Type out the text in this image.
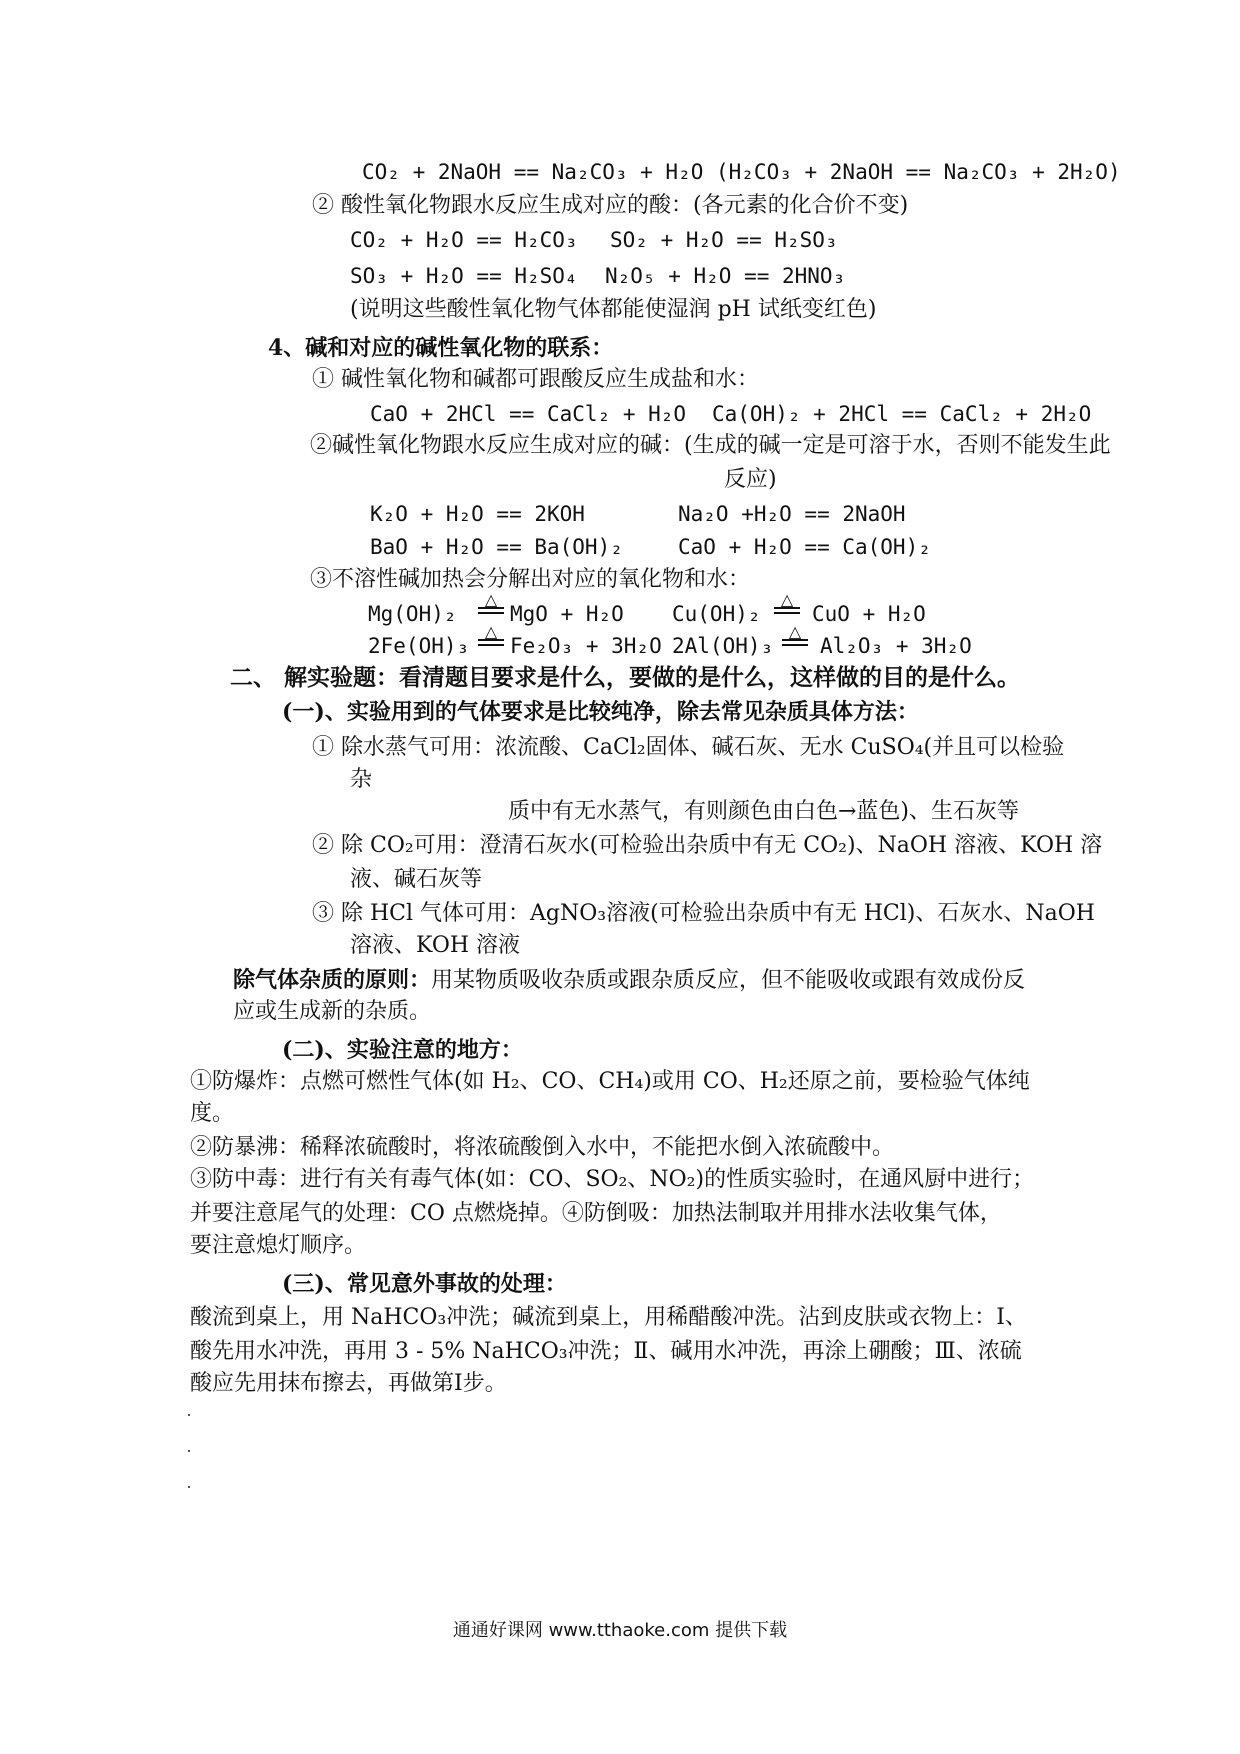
CO₂ + 2NaOH == Na₂CO₃ + H₂O (H₂CO₃ + 2NaOH == Na₂CO₃ + 2H₂O)
② 酸性氧化物跟水反应生成对应的酸：(各元素的化合价不变)
CO₂ + H₂O == H₂CO₃ SO₂ + H₂O == H₂SO₃
SO₃ + H₂O == H₂SO₄ N₂O₅ + H₂O == 2HNO₃
(说明这些酸性氧化物气体都能使湿润 pH 试纸变红色)
4、碱和对应的碱性氧化物的联系：
① 碱性氧化物和碱都可跟酸反应生成盐和水：
CaO + 2HCl == CaCl₂ + H₂O Ca(OH)₂ + 2HCl == CaCl₂ + 2H₂O
②碱性氧化物跟水反应生成对应的碱：(生成的碱一定是可溶于水，否则不能发生此
反应)
K₂O + H₂O == 2KOH	Na₂O +H₂O == 2NaOH
BaO + H₂O == Ba(OH)₂	CaO + H₂O == Ca(OH)₂
③不溶性碱加热会分解出对应的氧化物和水：
Mg(OH)₂
△
MgO + H₂O Cu(OH)₂
△
CuO + H₂O
2Fe(OH)₃
△
Fe₂O₃ + 3H₂O 2Al(OH)₃
△
Al₂O₃ + 3H₂O
二、 解实验题：看清题目要求是什么，要做的是什么，这样做的目的是什么。
(一)、实验用到的气体要求是比较纯净，除去常见杂质具体方法：
① 除水蒸气可用：浓流酸、CaCl₂固体、碱石灰、无水 CuSO₄(并且可以检验
杂
质中有无水蒸气，有则颜色由白色→蓝色)、生石灰等
② 除 CO₂可用：澄清石灰水(可检验出杂质中有无 CO₂)、NaOH 溶液、KOH 溶
液、碱石灰等
③ 除 HCl 气体可用：AgNO₃溶液(可检验出杂质中有无 HCl)、石灰水、NaOH
溶液、KOH 溶液
除气体杂质的原则：用某物质吸收杂质或跟杂质反应，但不能吸收或跟有效成份反
应或生成新的杂质。
(二)、实验注意的地方：
①防爆炸：点燃可燃性气体(如 H₂、CO、CH₄)或用 CO、H₂还原之前，要检验气体纯
度。
②防暴沸：稀释浓硫酸时，将浓硫酸倒入水中，不能把水倒入浓硫酸中。
③防中毒：进行有关有毒气体(如：CO、SO₂、NO₂)的性质实验时，在通风厨中进行；
并要注意尾气的处理：CO 点燃烧掉。④防倒吸：加热法制取并用排水法收集气体，
要注意熄灯顺序。
(三)、常见意外事故的处理：
酸流到桌上，用 NaHCO₃冲洗；碱流到桌上，用稀醋酸冲洗。沾到皮肤或衣物上：Ⅰ、
酸先用水冲洗，再用 3 - 5% NaHCO₃冲洗；Ⅱ、碱用水冲洗，再涂上硼酸；Ⅲ、浓硫
酸应先用抹布擦去，再做第Ⅰ步。
通通好课网 www.tthaoke.com 提供下载
